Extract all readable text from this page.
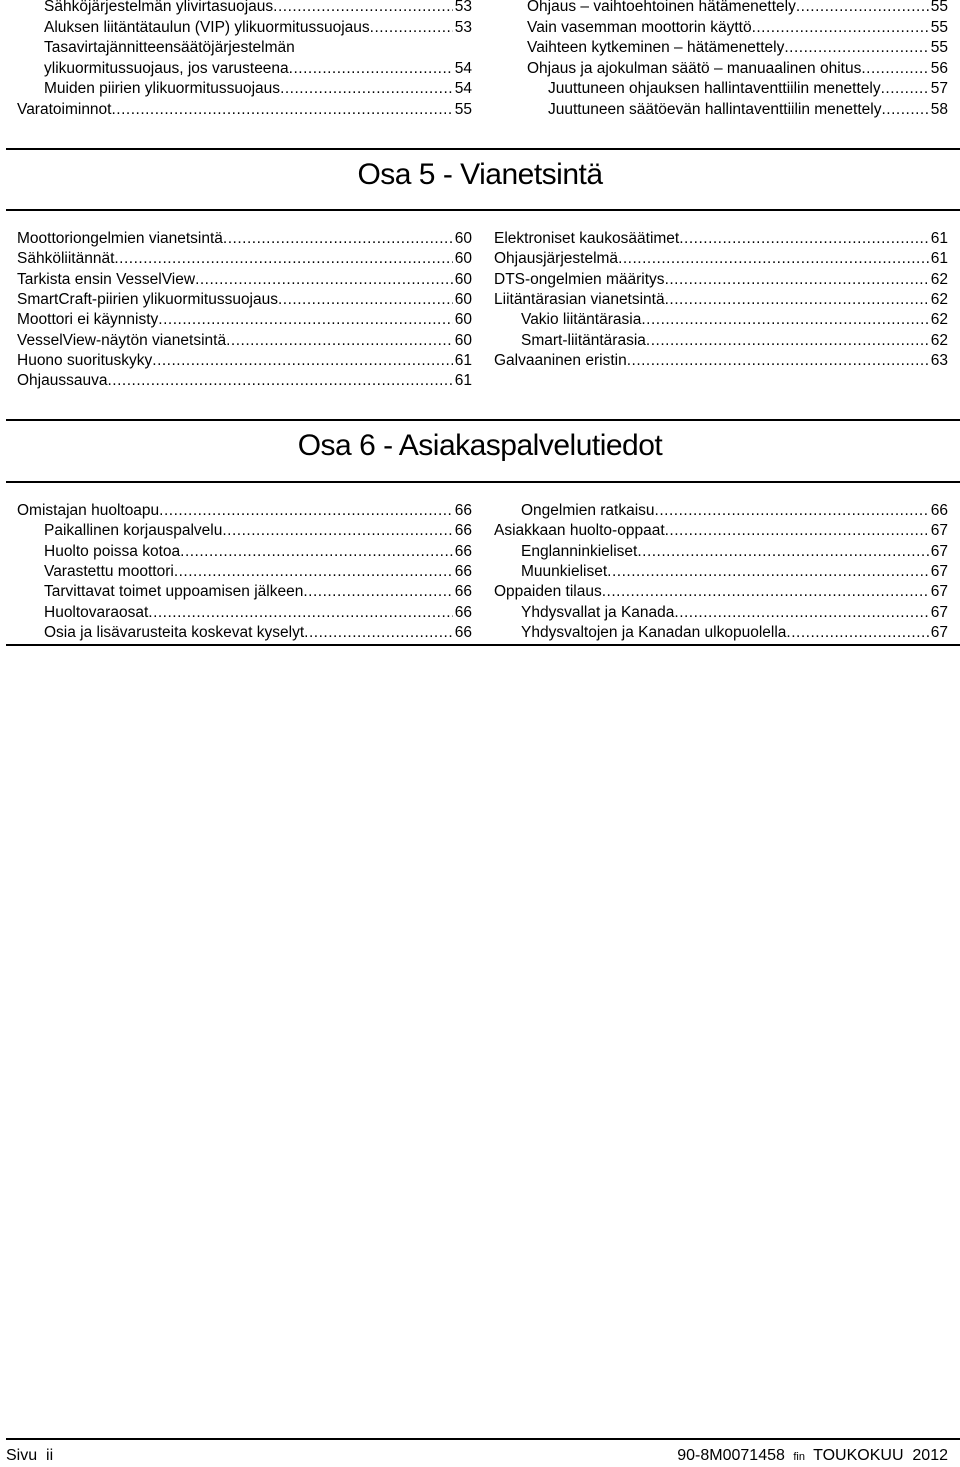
Sähköjärjestelmän ylivirtasuojaus .....	53
Aluksen liitäntätaulun (VIP) ylikuormitussuojaus .....	53
Tasavirtajännitteensäätöjärjestelmän
ylikuormitussuojaus, jos varusteena .....	54
Muiden piirien ylikuormitussuojaus .....	54
Varatoiminnot .....	55
Ohjaus – vaihtoehtoinen hätämenettely .....	55
Vain vasemman moottorin käyttö .....	55
Vaihteen kytkeminen – hätämenettely .....	55
Ohjaus ja ajokulman säätö – manuaalinen ohitus .....	56
Juuttuneen ohjauksen hallintaventtiilin menettely .....	57
Juuttuneen säätöevän hallintaventtiilin menettely .....	58
Osa 5 - Vianetsintä
Moottoriongelmien vianetsintä .....	60
Sähköliitännät .....	60
Tarkista ensin VesselView .....	60
SmartCraft-piirien ylikuormitussuojaus .....	60
Moottori ei käynnisty .....	60
VesselView-näytön vianetsintä .....	60
Huono suorituskyky .....	61
Ohjaussauva .....	61
Elektroniset kaukosäätimet .....	61
Ohjausjärjestelmä .....	61
DTS-ongelmien määritys .....	62
Liitäntärasian vianetsintä .....	62
Vakio liitäntärasia .....	62
Smart-liitäntärasia .....	62
Galvaaninen eristin .....	63
Osa 6 - Asiakaspalvelutiedot
Omistajan huoltoapu .....	66
Paikallinen korjauspalvelu .....	66
Huolto poissa kotoa .....	66
Varastettu moottori .....	66
Tarvittavat toimet uppoamisen jälkeen .....	66
Huoltovaraosat .....	66
Osia ja lisävarusteita koskevat kyselyt .....	66
Ongelmien ratkaisu .....	66
Asiakkaan huolto-oppaat .....	67
Englanninkieliset .....	67
Muunkieliset .....	67
Oppaiden tilaus .....	67
Yhdysvallat ja Kanada .....	67
Yhdysvaltojen ja Kanadan ulkopuolella .....	67
Sivu  ii	90-8M0071458 fin TOUKOKUU  2012
